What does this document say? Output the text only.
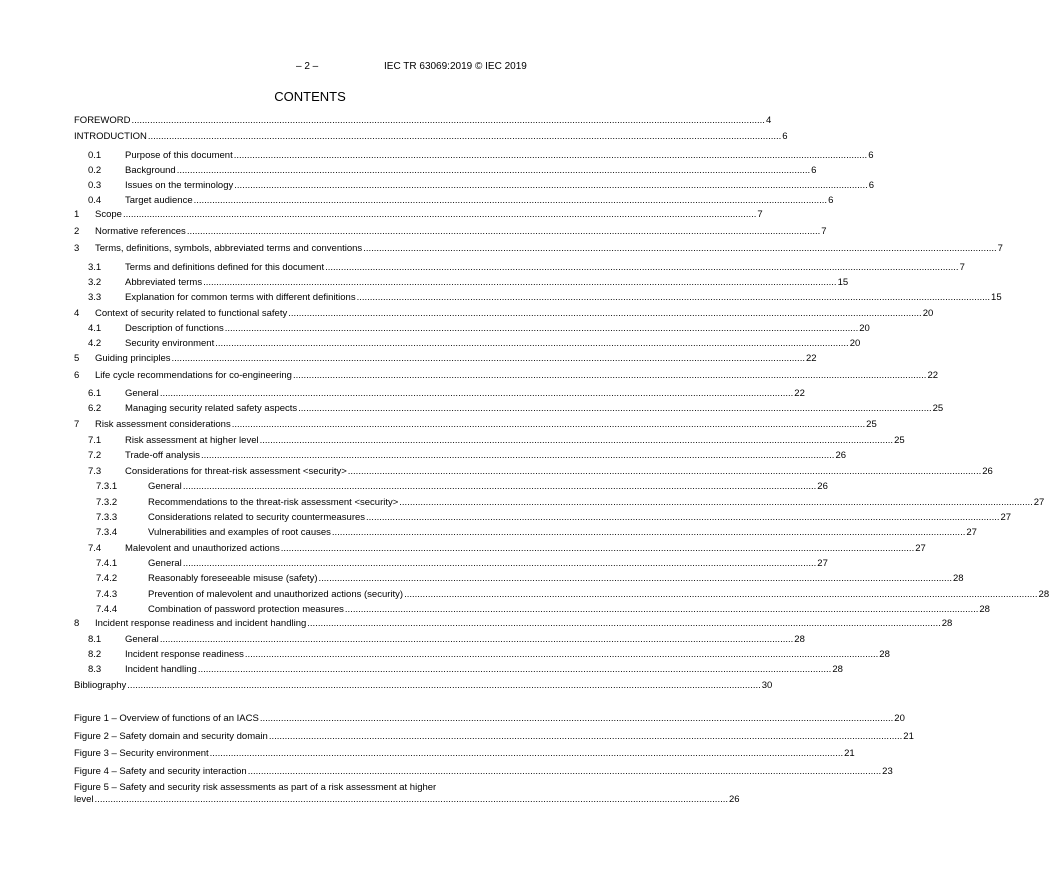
– 2 –	IEC TR 63069:2019 © IEC 2019
CONTENTS
FOREWORD ................................................................................................................................................................................................................................................ 4
INTRODUCTION ................................................................................................................................................................................................................................................ 6
0.1	Purpose of this document ................................................................................................................................................................................................................................................ 6
0.2	Background ................................................................................................................................................................................................................................................ 6
0.3	Issues on the terminology ................................................................................................................................................................................................................................................ 6
0.4	Target audience ................................................................................................................................................................................................................................................ 6
1 Scope ................................................................................................................................................................................................................................................ 7
2 Normative references ................................................................................................................................................................................................................................................ 7
3 Terms, definitions, symbols, abbreviated terms and conventions ................................................................................................................................................................................................................................................ 7
3.1	Terms and definitions defined for this document ................................................................................................................................................................................................................................................ 7
3.2	Abbreviated terms ................................................................................................................................................................................................................................................ 15
3.3	Explanation for common terms with different definitions ................................................................................................................................................................................................................................................ 15
4 Context of security related to functional safety ................................................................................................................................................................................................................................................ 20
4.1	Description of functions ................................................................................................................................................................................................................................................ 20
4.2	Security environment ................................................................................................................................................................................................................................................ 20
5 Guiding principles ................................................................................................................................................................................................................................................ 22
6 Life cycle recommendations for co-engineering ................................................................................................................................................................................................................................................ 22
6.1	General ................................................................................................................................................................................................................................................ 22
6.2	Managing security related safety aspects ................................................................................................................................................................................................................................................ 25
7 Risk assessment considerations ................................................................................................................................................................................................................................................ 25
7.1	Risk assessment at higher level ................................................................................................................................................................................................................................................ 25
7.2	Trade-off analysis ................................................................................................................................................................................................................................................ 26
7.3	Considerations for threat-risk assessment <security> ................................................................................................................................................................................................................................................ 26
7.3.1	General ................................................................................................................................................................................................................................................ 26
7.3.2	Recommendations to the threat-risk assessment <security> ................................................................................................................................................................................................................................................ 27
7.3.3	Considerations related to security countermeasures ................................................................................................................................................................................................................................................ 27
7.3.4	Vulnerabilities and examples of root causes ................................................................................................................................................................................................................................................ 27
7.4	Malevolent and unauthorized actions ................................................................................................................................................................................................................................................ 27
7.4.1	General ................................................................................................................................................................................................................................................ 27
7.4.2	Reasonably foreseeable misuse (safety) ................................................................................................................................................................................................................................................ 28
7.4.3	Prevention of malevolent and unauthorized actions (security) ................................................................................................................................................................................................................................................ 28
7.4.4	Combination of password protection measures ................................................................................................................................................................................................................................................ 28
8 Incident response readiness and incident handling ................................................................................................................................................................................................................................................ 28
8.1	General ................................................................................................................................................................................................................................................ 28
8.2	Incident response readiness ................................................................................................................................................................................................................................................ 28
8.3	Incident handling ................................................................................................................................................................................................................................................ 28
Bibliography ................................................................................................................................................................................................................................................ 30
Figure 1 – Overview of functions of an IACS ................................................................................................................................................................................................................................................ 20
Figure 2 – Safety domain and security domain ................................................................................................................................................................................................................................................ 21
Figure 3 – Security environment ................................................................................................................................................................................................................................................ 21
Figure 4 – Safety and security interaction ................................................................................................................................................................................................................................................ 23
Figure 5 – Safety and security risk assessments as part of a risk assessment at higher
level ................................................................................................................................................................................................................................................ 26
